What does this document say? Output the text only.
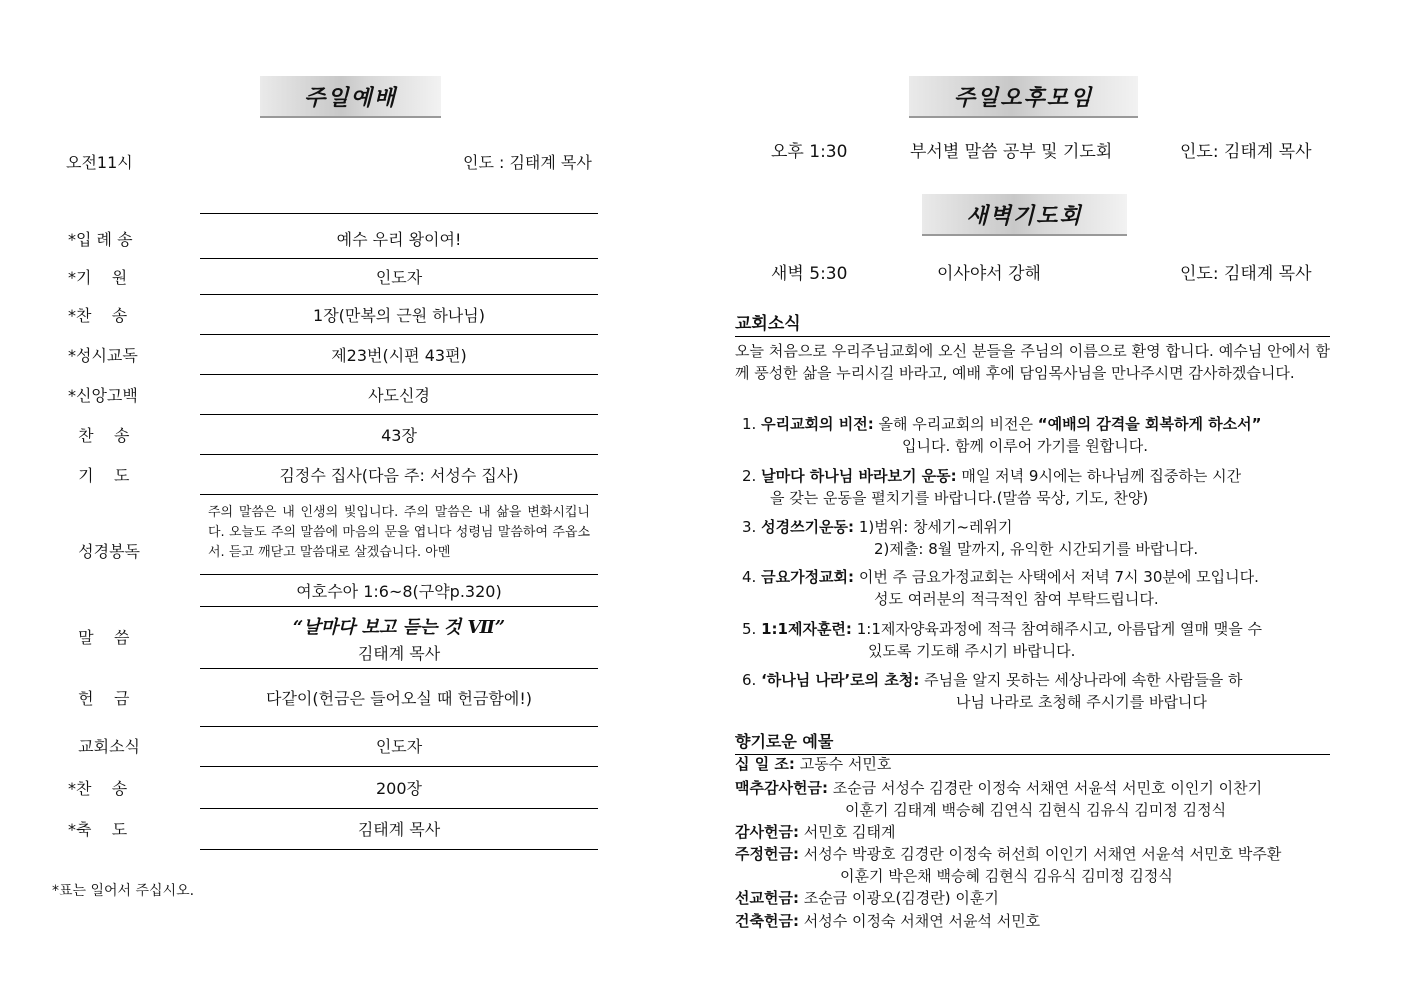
주일예배
오전11시	인도 : 김태계 목사
*입 례 송	예수 우리 왕이여!
*기    원	인도자
*찬    송	1장(만복의 근원 하나님)
*성시교독	제23번(시편 43편)
*신앙고백	사도신경
찬    송	43장
기    도	김정수 집사(다음 주: 서성수 집사)
성경봉독
주의 말씀은 내 인생의 빛입니다. 주의 말씀은 내 삶을 변화시킵니다. 오늘도 주의 말씀에 마음의 문을 엽니다 성령님 말씀하여 주옵소서. 듣고 깨닫고 말씀대로 살겠습니다. 아멘
여호수아 1:6~8(구약p.320)
말    씀	“날마다 보고 듣는 것 Ⅶ”
김태계 목사
헌    금	다같이(헌금은 들어오실 때 헌금함에!)
교회소식	인도자
*찬    송	200장
*축    도	김태계 목사
*표는 일어서 주십시오.
주일오후모임
오후 1:30	부서별 말씀 공부 및 기도회	인도: 김태계 목사
새벽기도회
새벽 5:30	이사야서 강해	인도: 김태계 목사
교회소식
오늘 처음으로 우리주님교회에 오신 분들을 주님의 이름으로 환영 합니다. 예수님 안에서 함께 풍성한 삶을 누리시길 바라고, 예배 후에 담임목사님을 만나주시면 감사하겠습니다.
1. 우리교회의 비전: 올해 우리교회의 비전은 “예배의 감격을 회복하게 하소서”
입니다. 함께 이루어 가기를 원합니다.
2. 날마다 하나님 바라보기 운동: 매일 저녁 9시에는 하나님께 집중하는 시간
을 갖는 운동을 펼치기를 바랍니다.(말씀 묵상, 기도, 찬양)
3. 성경쓰기운동: 1)범위: 창세기~레위기
2)제출: 8월 말까지, 유익한 시간되기를 바랍니다.
4. 금요가정교회: 이번 주 금요가정교회는 사택에서 저녁 7시 30분에 모입니다.
성도 여러분의 적극적인 참여 부탁드립니다.
5. 1:1제자훈련: 1:1제자양육과정에 적극 참여해주시고, 아름답게 열매 맺을 수
있도록 기도해 주시기 바랍니다.
6. ‘하나님 나라’로의 초청: 주님을 알지 못하는 세상나라에 속한 사람들을 하
나님 나라로 초청해 주시기를 바랍니다
향기로운 예물
십 일 조: 고동수 서민호
맥추감사헌금: 조순금 서성수 김경란 이정숙 서채연 서윤석 서민호 이인기 이찬기
이훈기 김태계 백승혜 김연식 김현식 김유식 김미정 김정식
감사헌금: 서민호 김태계
주정헌금: 서성수 박광호 김경란 이정숙 허선희 이인기 서채연 서윤석 서민호 박주환
이훈기 박은채 백승혜 김현식 김유식 김미정 김정식
선교헌금: 조순금 이광오(김경란) 이훈기
건축헌금: 서성수 이정숙 서채연 서윤석 서민호
